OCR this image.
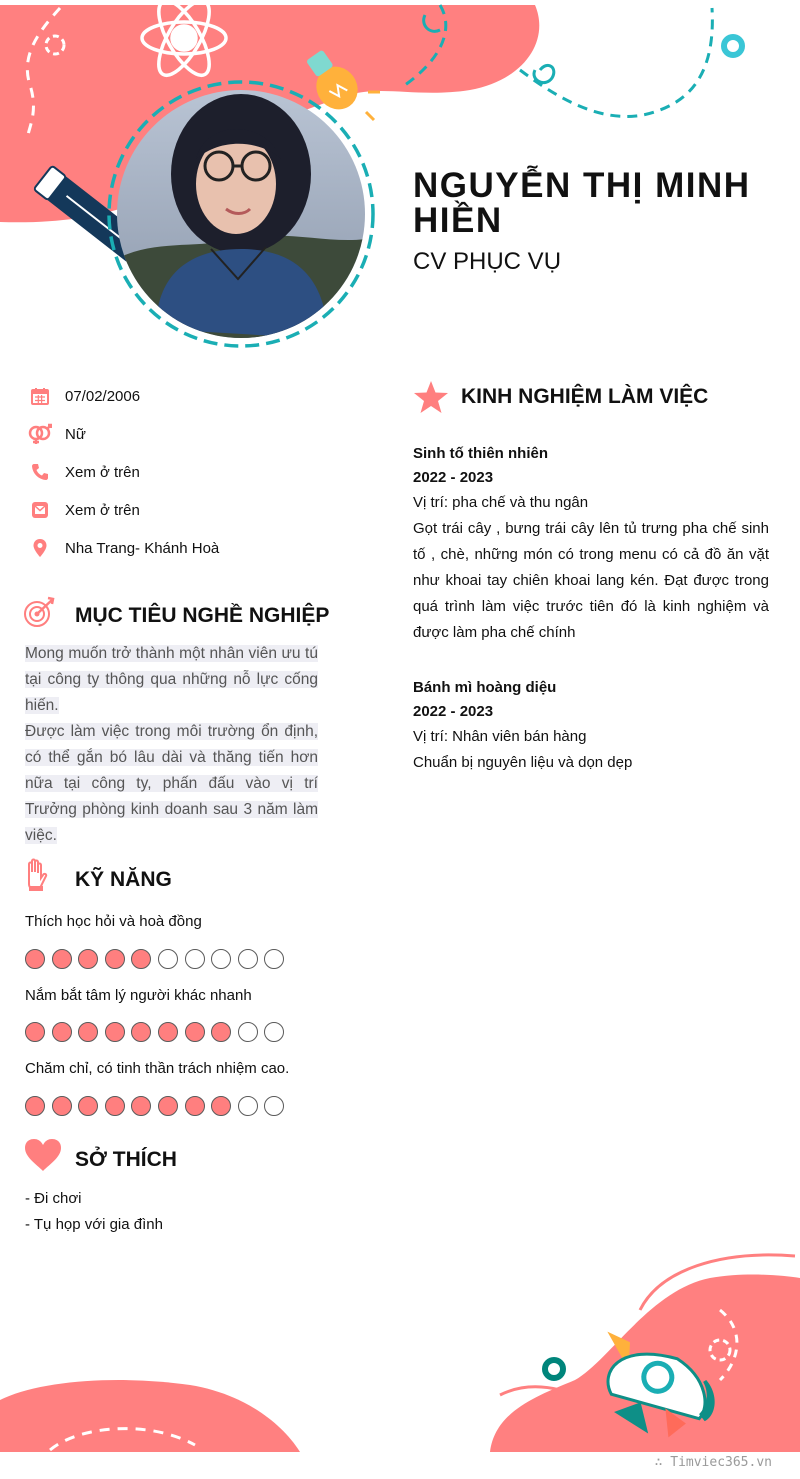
NGUYỄN THỊ MINH HIỀN
CV PHỤC VỤ
07/02/2006
Nữ
Xem ở trên
Xem ở trên
Nha Trang- Khánh Hoà
MỤC TIÊU NGHỀ NGHIỆP

Mong muốn trở thành một nhân viên ưu tú tại công ty thông qua những nỗ lực cống hiến.

Được làm việc trong môi trường ổn định, có thể gắn bó lâu dài và thăng tiến hơn nữa tại công ty, phấn đấu vào vị trí Trưởng phòng kinh doanh sau 3 năm làm việc.

KỸ NĂNG
Thích học hỏi và hoà đồng
Nắm bắt tâm lý người khác nhanh
Chăm chỉ, có tinh thần trách nhiệm cao.
SỞ THÍCH
- Đi chơi
- Tụ họp với gia đình
KINH NGHIỆM LÀM VIỆC
Sinh tố thiên nhiên
2022 - 2023
Vị trí: pha chế và thu ngân
Gọt trái cây , bưng trái cây lên tủ trưng pha chế sinh tố , chè, những món có trong menu có cả đồ ăn vặt như khoai tay chiên khoai lang kén. Đạt được trong quá trình làm việc trước tiên đó là kinh nghiệm và được làm pha chế chính
Bánh mì hoàng diệu
2022 - 2023
Vị trí: Nhân viên bán hàng
Chuẩn bị nguyên liệu và dọn dẹp
∴ Timviec365.vn
